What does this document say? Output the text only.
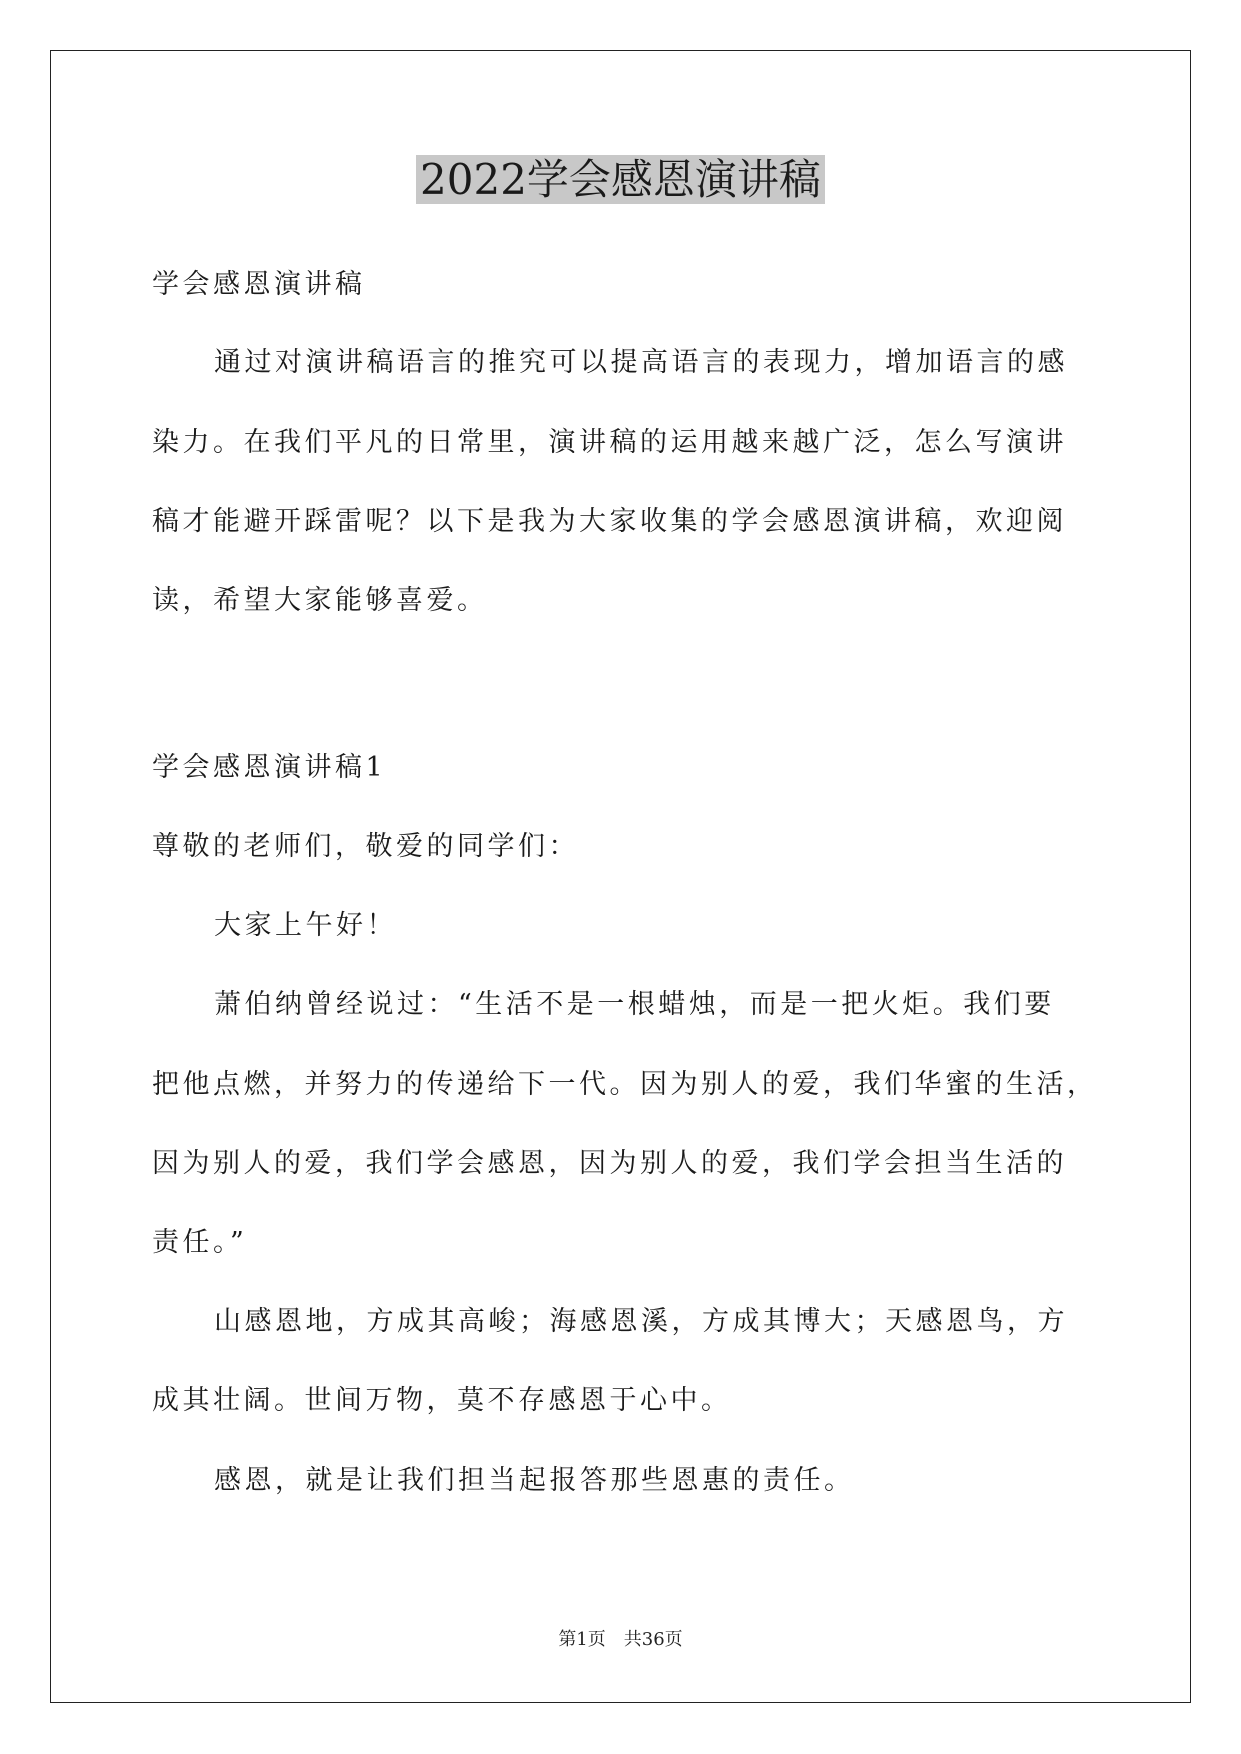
2022学会感恩演讲稿
学会感恩演讲稿
通过对演讲稿语言的推究可以提高语言的表现力，增加语言的感
染力。在我们平凡的日常里，演讲稿的运用越来越广泛，怎么写演讲
稿才能避开踩雷呢？以下是我为大家收集的学会感恩演讲稿，欢迎阅
读，希望大家能够喜爱。
学会感恩演讲稿1
尊敬的老师们，敬爱的同学们：
大家上午好！
萧伯纳曾经说过：“生活不是一根蜡烛，而是一把火炬。我们要
把他点燃，并努力的传递给下一代。因为别人的爱，我们华蜜的生活，
因为别人的爱，我们学会感恩，因为别人的爱，我们学会担当生活的
责任。”
山感恩地，方成其高峻；海感恩溪，方成其博大；天感恩鸟，方
成其壮阔。世间万物，莫不存感恩于心中。
感恩，就是让我们担当起报答那些恩惠的责任。
第1页 共36页
